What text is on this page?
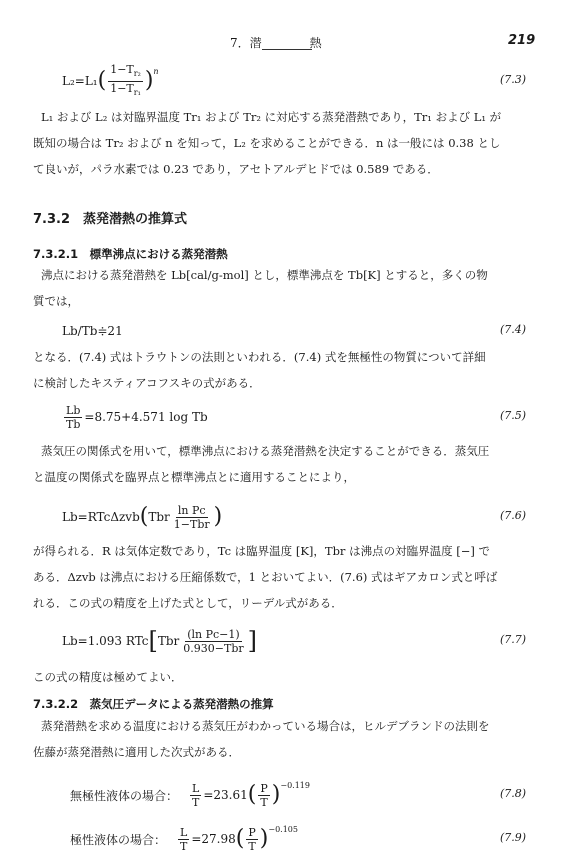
7．潜　　　　熱	219
L₂=L₁ ( $\frac{1-T_{r_2}}{1-T_{r_1}} )^n$
(7.3)
L₁ および L₂ は対臨界温度 Tr₁ および Tr₂ に対応する蒸発潜熱であり，Tr₁ および L₁ が
既知の場合は Tr₂ および n を知って，L₂ を求めることができる．n は一般には 0.38 とし
て良いが，パラ水素では 0.23 であり，アセトアルデヒドでは 0.589 である．
7.3.2　蒸発潜熱の推算式
7.3.2.1　標準沸点における蒸発潜熱
沸点における蒸発潜熱を Lb[cal/g-mol] とし，標準沸点を Tb[K] とすると，多くの物
質では，
Lb/Tb≑21	(7.4)
となる．(7.4) 式はトラウトンの法則といわれる．(7.4) 式を無極性の物質について詳細
に検討したキスティアコフスキの式がある．
$\frac{Lb}{Tb} =8.75+4.571$ log Tb	(7.5)
蒸気圧の関係式を用いて，標準沸点における蒸発潜熱を決定することができる．蒸気圧
と温度の関係式を臨界点と標準沸点とに適用することにより，
Lb=RTcΔzvb ( Tbr $\frac{\text{ln Pc}}{\text{1−Tbr}}$ )	(7.6)
が得られる．R は気体定数であり，Tc は臨界温度 [K]，Tbr は沸点の対臨界温度 [−] で
ある．Δzvb は沸点における圧縮係数で，1 とおいてよい．(7.6) 式はギアカロン式と呼ば
れる．この式の精度を上げた式として，リーデル式がある．
Lb=1.093 RTc [ Tbr $\frac{\text{(ln Pc−1)}}{\text{0.930−Tbr}}$ ]	(7.7)
この式の精度は極めてよい．
7.3.2.2　蒸気圧データによる蒸発潜熱の推算
蒸発潜熱を求める温度における蒸気圧がわかっている場合は，ヒルデブランドの法則を
佐藤が蒸発潜熱に適用した次式がある．
無極性液体の場合： $\frac{L}{T} =23.61$ ( $\frac{P}{T} )^{-0.119}$
(7.8)
極性液体の場合： $\frac{L}{T} =27.98$ ( $\frac{P}{T} )^{-0.105}$
(7.9)
